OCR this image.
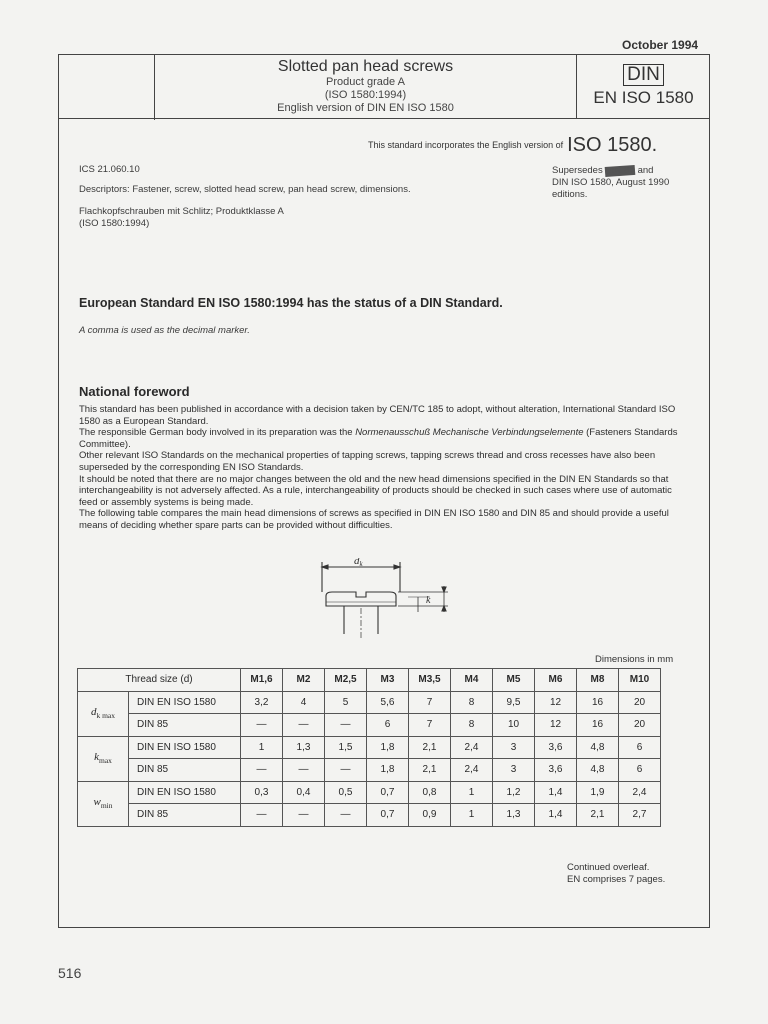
October 1994
Slotted pan head screws
Product grade A
(ISO 1580:1994)
English version of DIN EN ISO 1580
DIN
EN ISO 1580
This standard incorporates the English version of ISO 1580.
ICS 21.060.10
Descriptors: Fastener, screw, slotted head screw, pan head screw, dimensions.
Flachkopfschrauben mit Schlitz; Produktklasse A
(ISO 1580:1994)
Supersedes DIN 85 and
DIN ISO 1580, August 1990
editions.
European Standard EN ISO 1580:1994 has the status of a DIN Standard.
A comma is used as the decimal marker.
National foreword

This standard has been published in accordance with a decision taken by CEN/TC 185 to adopt, without alteration, International Standard ISO 1580 as a European Standard.

The responsible German body involved in its preparation was the Normenausschuß Mechanische Verbindungselemente (Fasteners Standards Committee).

Other relevant ISO Standards on the mechanical properties of tapping screws, tapping screws thread and cross recesses have also been superseded by the corresponding EN ISO Standards.

It should be noted that there are no major changes between the old and the new head dimensions specified in the DIN EN Standards so that interchangeability is not adversely affected. As a rule, interchangeability of products should be checked in such cases where use of automatic feed or assembly systems is being made.

The following table compares the main head dimensions of screws as specified in DIN EN ISO 1580 and DIN 85 and should provide a useful means of deciding whether spare parts can be provided without difficulties.

dk
k
Dimensions in mm
Thread size (d)		M1,6	M2	M2,5	M3	M3,5	M4	M5	M6	M8	M10
$d_{k max}$	DIN EN ISO 1580	3,2	4	5	5,6	7	8	9,5	12	16	20
	DIN 85	—	—	—	6	7	8	10	12	16	20
$k_{max}$	DIN EN ISO 1580	1	1,3	1,5	1,8	2,1	2,4	3	3,6	4,8	6
	DIN 85	—	—	—	1,8	2,1	2,4	3	3,6	4,8	6
$w_{min}$	DIN EN ISO 1580	0,3	0,4	0,5	0,7	0,8	1	1,2	1,4	1,9	2,4
	DIN 85	—	—	—	0,7	0,9	1	1,3	1,4	2,1	2,7
Continued overleaf.
EN comprises 7 pages.
516
